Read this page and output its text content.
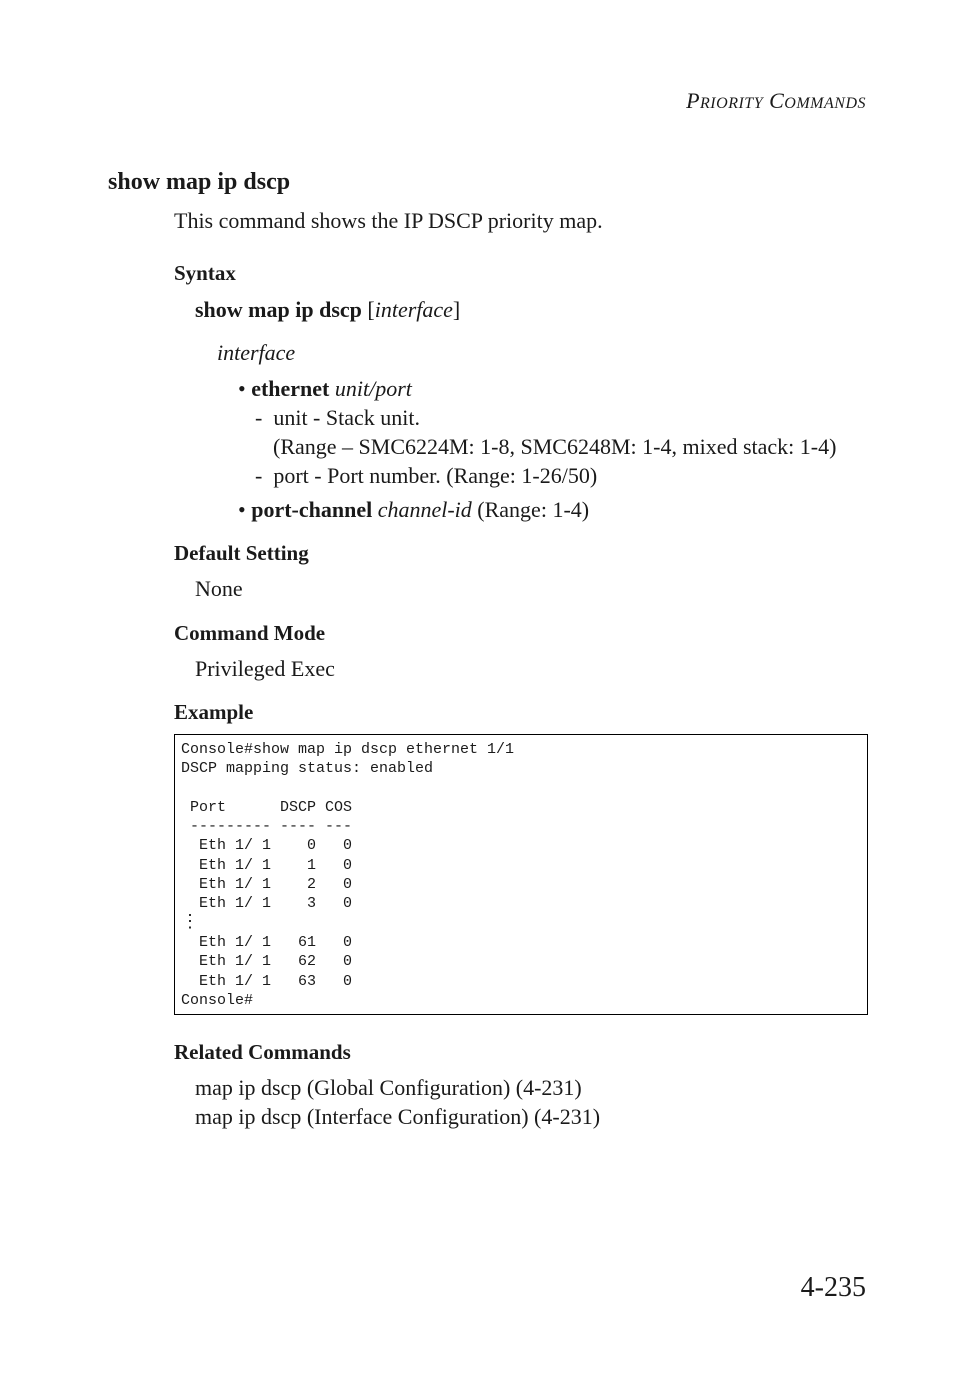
PRIORITY COMMANDS
show map ip dscp
This command shows the IP DSCP priority map.
Syntax
show map ip dscp [interface]
interface
• ethernet unit/port
- unit - Stack unit.
(Range – SMC6224M: 1-8, SMC6248M: 1-4, mixed stack: 1-4)
- port - Port number. (Range: 1-26/50)
• port-channel channel-id (Range: 1-4)
Default Setting
None
Command Mode
Privileged Exec
Example
Console#show map ip dscp ethernet 1/1
DSCP mapping status: enabled

Port      DSCP COS
--------- ---- ---
Eth 1/ 1    0   0
Eth 1/ 1    1   0
Eth 1/ 1    2   0
Eth 1/ 1    3   0
⋮
Eth 1/ 1   61   0
Eth 1/ 1   62   0
Eth 1/ 1   63   0
Console#
Related Commands
map ip dscp (Global Configuration) (4-231)
map ip dscp (Interface Configuration) (4-231)
4-235
